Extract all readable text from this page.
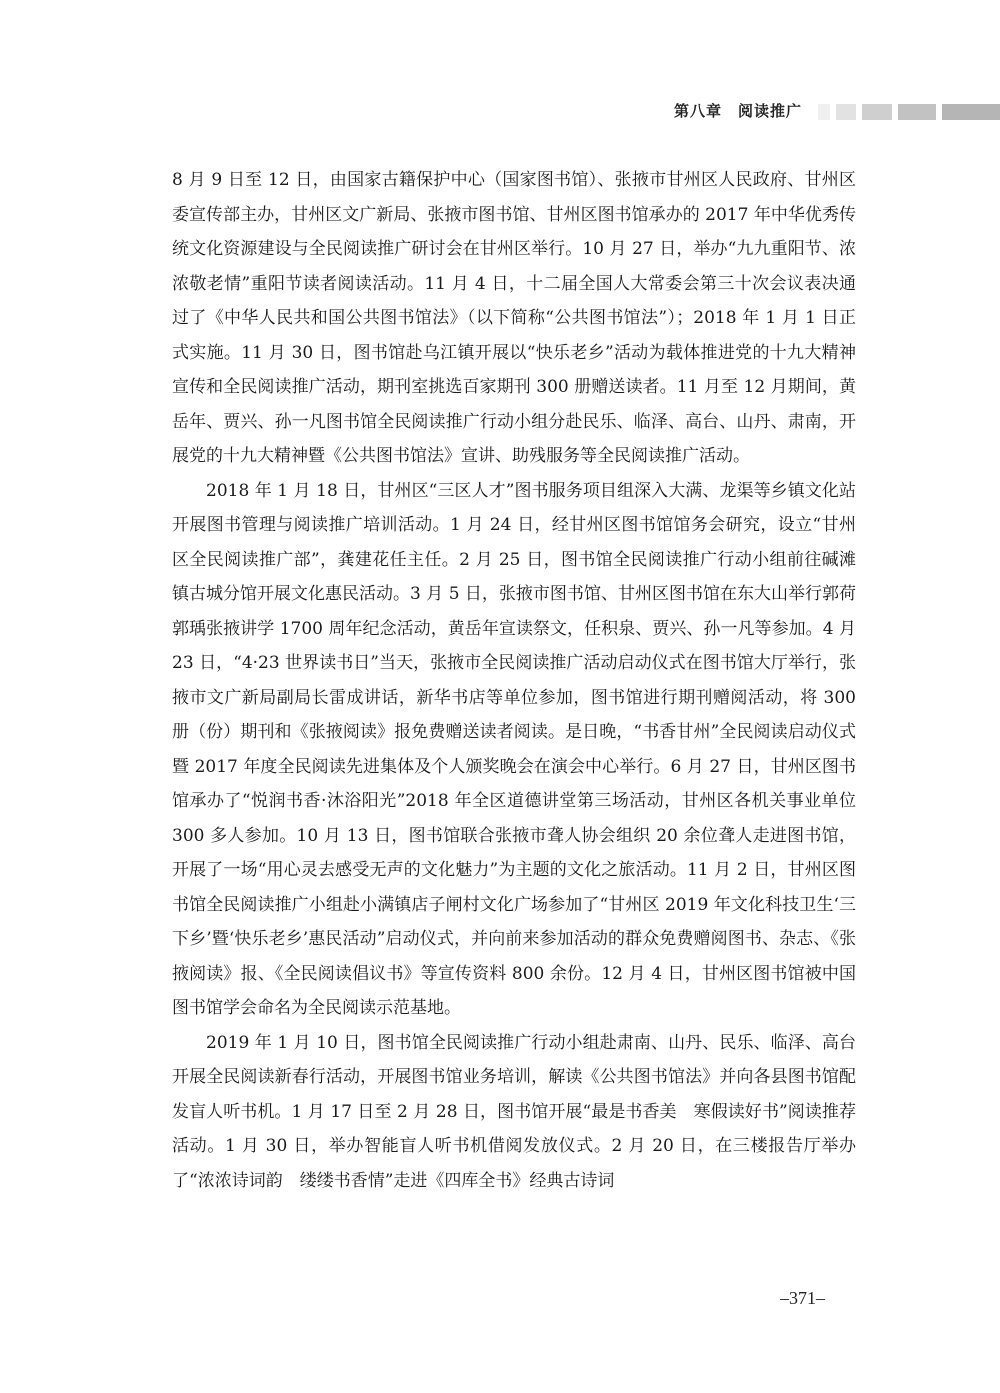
第八章　阅读推广

8 月 9 日至 12 日，由国家古籍保护中心（国家图书馆）、张掖市甘州区人民政府、甘州区委宣传部主办，甘州区文广新局、张掖市图书馆、甘州区图书馆承办的 2017 年中华优秀传统文化资源建设与全民阅读推广研讨会在甘州区举行。10 月 27 日，举办“九九重阳节、浓浓敬老情”重阳节读者阅读活动。11 月 4 日，十二届全国人大常委会第三十次会议表决通过了《中华人民共和国公共图书馆法》（以下简称“公共图书馆法”）；2018 年 1 月 1 日正式实施。11 月 30 日，图书馆赴乌江镇开展以“快乐老乡”活动为载体推进党的十九大精神宣传和全民阅读推广活动，期刊室挑选百家期刊 300 册赠送读者。11 月至 12 月期间，黄岳年、贾兴、孙一凡图书馆全民阅读推广行动小组分赴民乐、临泽、高台、山丹、肃南，开展党的十九大精神暨《公共图书馆法》宣讲、助残服务等全民阅读推广活动。

2018 年 1 月 18 日，甘州区“三区人才”图书服务项目组深入大满、龙渠等乡镇文化站开展图书管理与阅读推广培训活动。1 月 24 日，经甘州区图书馆馆务会研究，设立“甘州区全民阅读推广部”，龚建花任主任。2 月 25 日，图书馆全民阅读推广行动小组前往碱滩镇古城分馆开展文化惠民活动。3 月 5 日，张掖市图书馆、甘州区图书馆在东大山举行郭荷郭瑀张掖讲学 1700 周年纪念活动，黄岳年宣读祭文，任积泉、贾兴、孙一凡等参加。4 月 23 日，“4·23 世界读书日”当天，张掖市全民阅读推广活动启动仪式在图书馆大厅举行，张掖市文广新局副局长雷成讲话，新华书店等单位参加，图书馆进行期刊赠阅活动，将 300 册（份）期刊和《张掖阅读》报免费赠送读者阅读。是日晚，“书香甘州”全民阅读启动仪式暨 2017 年度全民阅读先进集体及个人颁奖晚会在演会中心举行。6 月 27 日，甘州区图书馆承办了“悦润书香·沐浴阳光”2018 年全区道德讲堂第三场活动，甘州区各机关事业单位 300 多人参加。10 月 13 日，图书馆联合张掖市聋人协会组织 20 余位聋人走进图书馆，开展了一场“用心灵去感受无声的文化魅力”为主题的文化之旅活动。11 月 2 日，甘州区图书馆全民阅读推广小组赴小满镇店子闸村文化广场参加了“甘州区 2019 年文化科技卫生‘三下乡’暨‘快乐老乡’惠民活动”启动仪式，并向前来参加活动的群众免费赠阅图书、杂志、《张掖阅读》报、《全民阅读倡议书》等宣传资料 800 余份。12 月 4 日，甘州区图书馆被中国图书馆学会命名为全民阅读示范基地。

2019 年 1 月 10 日，图书馆全民阅读推广行动小组赴肃南、山丹、民乐、临泽、高台开展全民阅读新春行活动，开展图书馆业务培训，解读《公共图书馆法》并向各县图书馆配发盲人听书机。1 月 17 日至 2 月 28 日，图书馆开展“最是书香美　寒假读好书”阅读推荐活动。1 月 30 日，举办智能盲人听书机借阅发放仪式。2 月 20 日，在三楼报告厅举办了“浓浓诗词韵　缕缕书香情”走进《四库全书》经典古诗词

–371–
